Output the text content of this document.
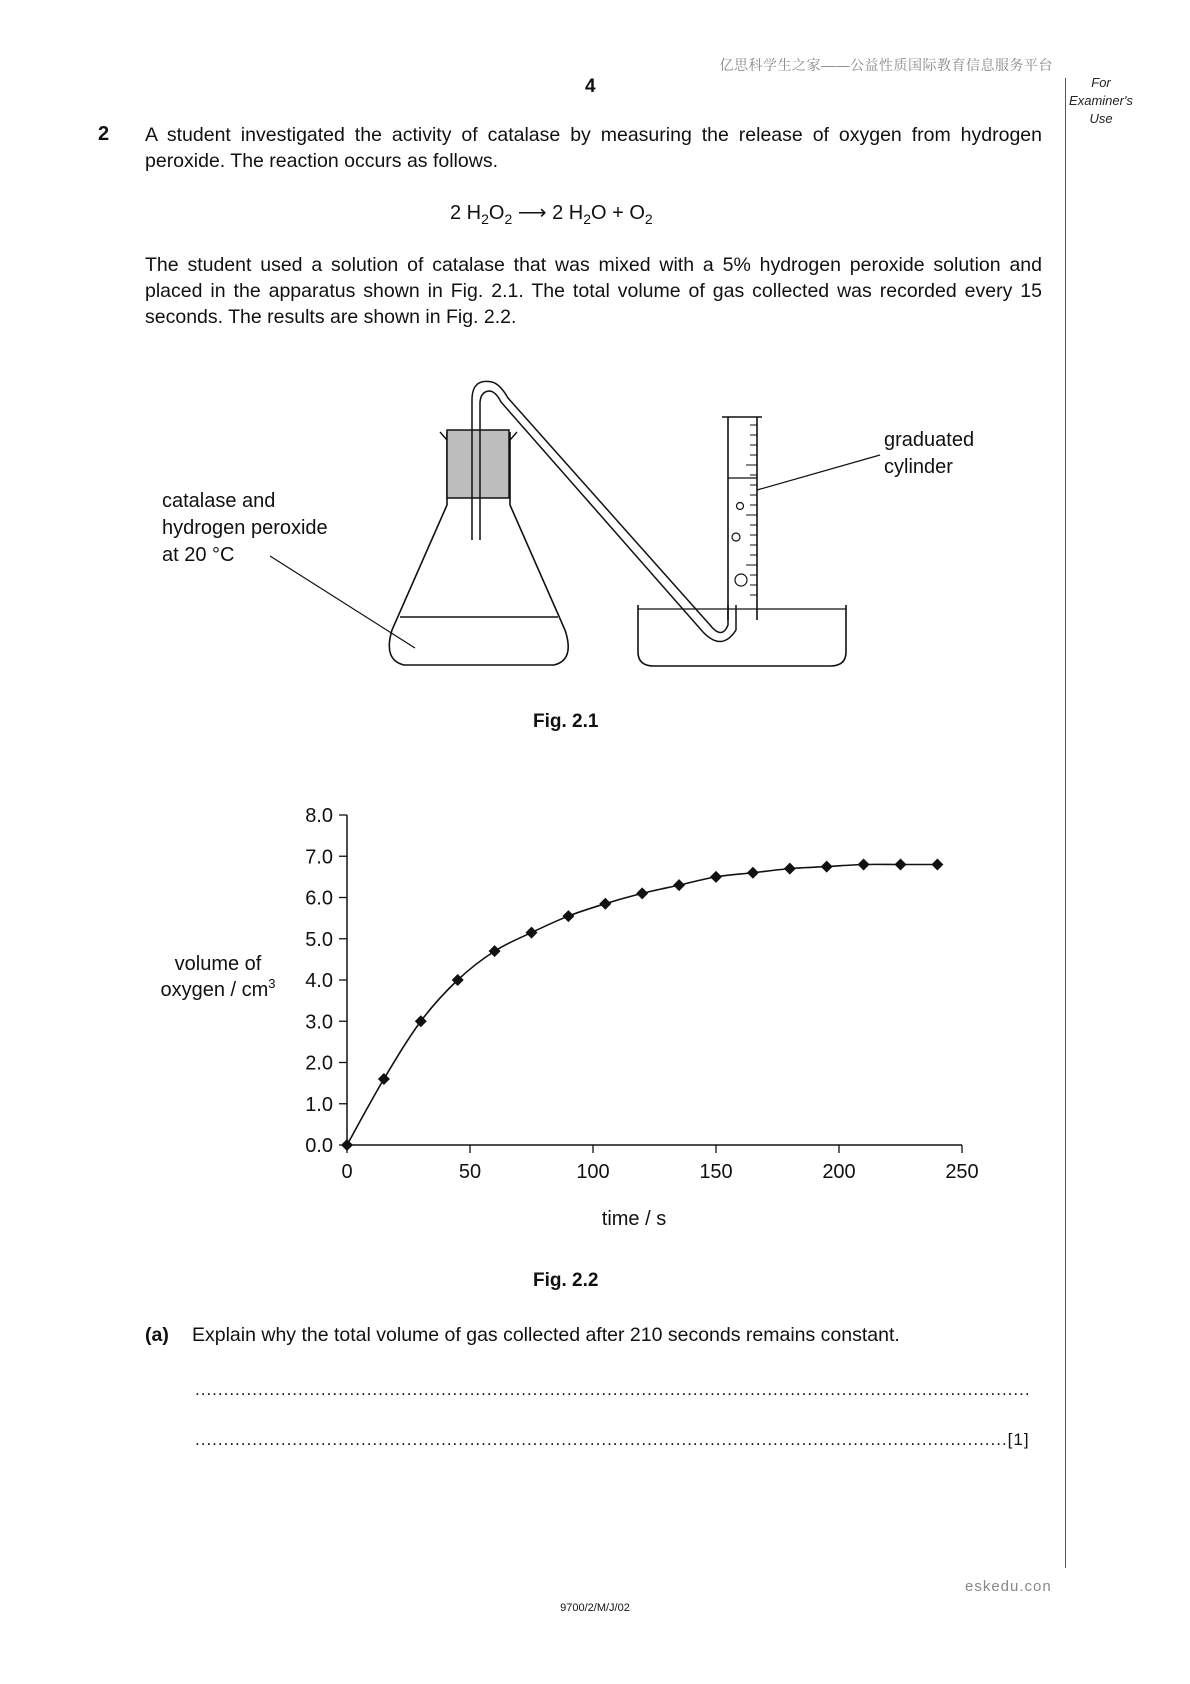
亿思科学生之家——公益性质国际教育信息服务平台
4	For
Examiner's
Use
2 A student investigated the activity of catalase by measuring the release of oxygen from hydrogen peroxide. The reaction occurs as follows.
2 $H_2O_2$ ⟶ 2 $H_2O + O_2$
The student used a solution of catalase that was mixed with a 5% hydrogen peroxide solution and placed in the apparatus shown in Fig. 2.1. The total volume of gas collected was recorded every 15 seconds. The results are shown in Fig. 2.2.
catalase and
hydrogen peroxide
at 20 °C
graduated
cylinder
Fig. 2.1
0.0
1.0
2.0
3.0
4.0
5.0
6.0
7.0
8.0
0	50	100	150	200	250
volume of
oxygen / $cm^3$
time / s
Fig. 2.2
(a) Explain why the total volume of gas collected after 210 seconds remains constant.
..................................................................................................................................................
..............................................................................................................................................[1]
eskedu.con
9700/2/M/J/02
